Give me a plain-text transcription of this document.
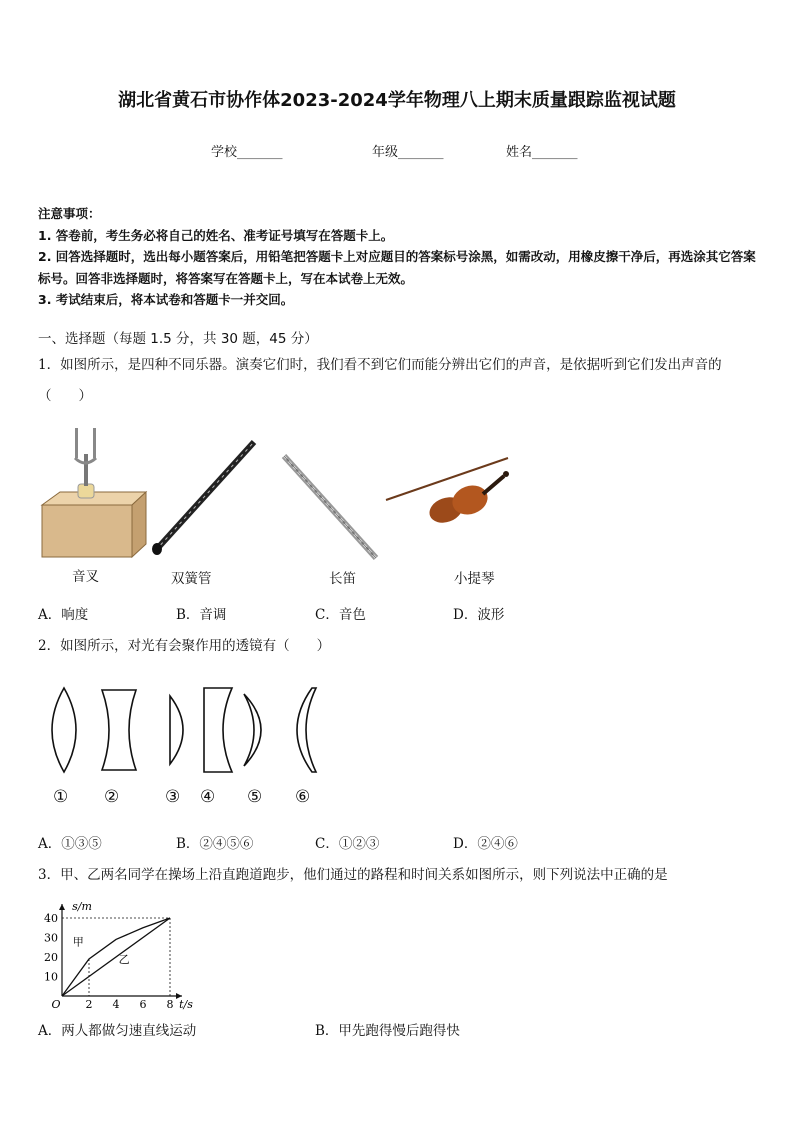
湖北省黄石市协作体2023-2024学年物理八上期末质量跟踪监视试题
学校_______	年级_______	姓名_______
注意事项：
1. 答卷前，考生务必将自己的姓名、准考证号填写在答题卡上。
2. 回答选择题时，选出每小题答案后，用铅笔把答题卡上对应题目的答案标号涂黑，如需改动，用橡皮擦干净后，再选涂其它答案标号。回答非选择题时，将答案写在答题卡上，写在本试卷上无效。
3. 考试结束后，将本试卷和答题卡一并交回。
一、选择题（每题 1.5 分，共 30 题，45 分）
1．如图所示，是四种不同乐器。演奏它们时，我们看不到它们而能分辨出它们的声音，是依据听到它们发出声音的
（　　）
音叉	双簧管	长笛	小提琴
A．响度	B．音调	C．音色	D．波形
2．如图所示，对光有会聚作用的透镜有（　　）
① ②	③ ④ ⑤ ⑥
A．①③⑤	B．②④⑤⑥	C．①②③	D．②④⑥
3．甲、乙两名同学在操场上沿直跑道跑步，他们通过的路程和时间关系如图所示，则下列说法中正确的是
2 4 6 8
10
20
30
40
O	t/s
s/m
甲
乙
A．两人都做匀速直线运动	B．甲先跑得慢后跑得快
